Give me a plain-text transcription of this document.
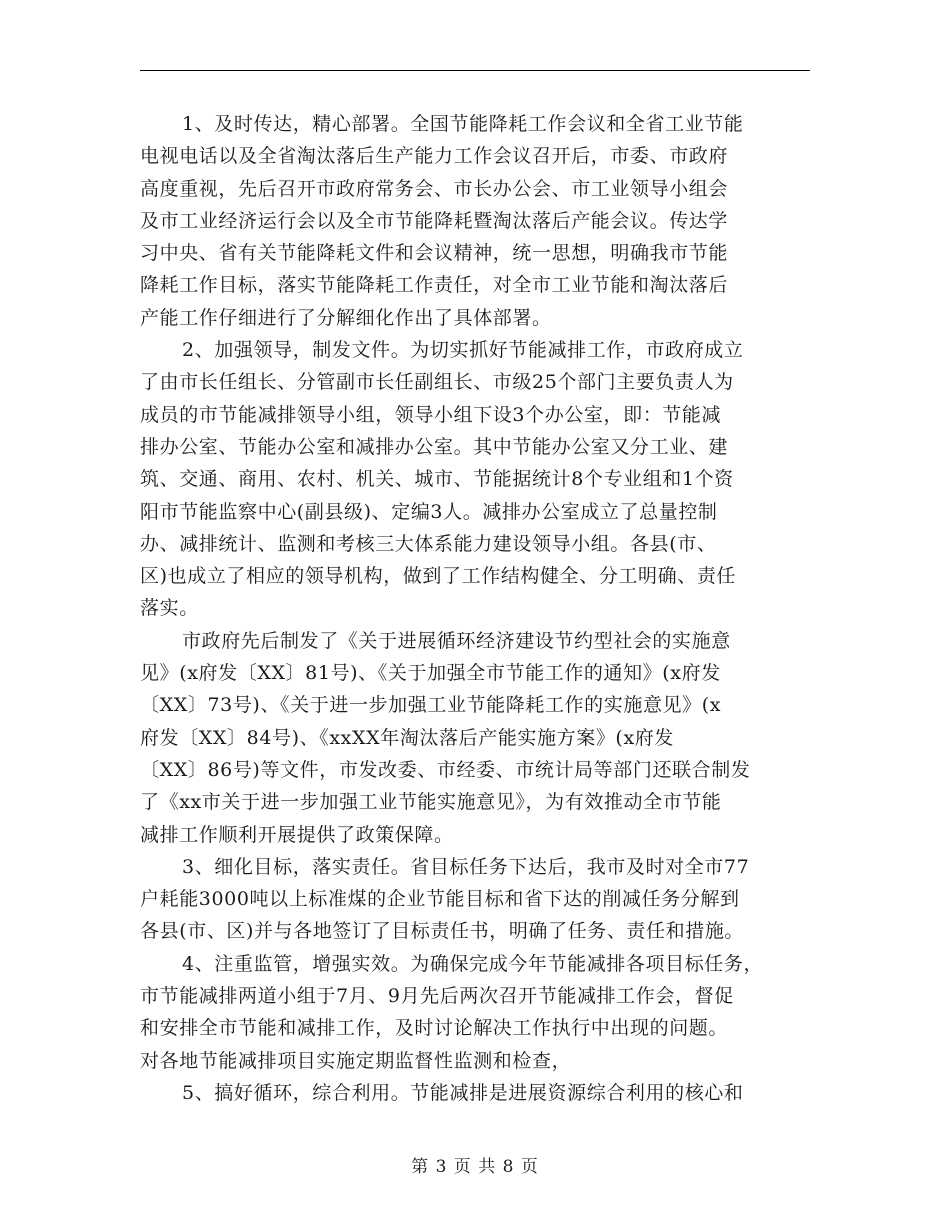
1、及时传达，精心部署。全国节能降耗工作会议和全省工业节能
电视电话以及全省淘汰落后生产能力工作会议召开后，市委、市政府
高度重视，先后召开市政府常务会、市长办公会、市工业领导小组会
及市工业经济运行会以及全市节能降耗暨淘汰落后产能会议。传达学
习中央、省有关节能降耗文件和会议精神，统一思想，明确我市节能
降耗工作目标，落实节能降耗工作责任，对全市工业节能和淘汰落后
产能工作仔细进行了分解细化作出了具体部署。
2、加强领导，制发文件。为切实抓好节能减排工作，市政府成立
了由市长任组长、分管副市长任副组长、市级25个部门主要负责人为
成员的市节能减排领导小组，领导小组下设3个办公室，即：节能减
排办公室、节能办公室和减排办公室。其中节能办公室又分工业、建
筑、交通、商用、农村、机关、城市、节能据统计8个专业组和1个资
阳市节能监察中心(副县级)、定编3人。减排办公室成立了总量控制
办、减排统计、监测和考核三大体系能力建设领导小组。各县(市、
区)也成立了相应的领导机构，做到了工作结构健全、分工明确、责任
落实。
市政府先后制发了《关于进展循环经济建设节约型社会的实施意
见》(x府发〔XX〕81号)、《关于加强全市节能工作的通知》(x府发
〔XX〕73号)、《关于进一步加强工业节能降耗工作的实施意见》(x
府发〔XX〕84号)、《xxXX年淘汰落后产能实施方案》(x府发
〔XX〕86号)等文件，市发改委、市经委、市统计局等部门还联合制发
了《xx市关于进一步加强工业节能实施意见》，为有效推动全市节能
减排工作顺利开展提供了政策保障。
3、细化目标，落实责任。省目标任务下达后，我市及时对全市77
户耗能3000吨以上标准煤的企业节能目标和省下达的削减任务分解到
各县(市、区)并与各地签订了目标责任书，明确了任务、责任和措施。
4、注重监管，增强实效。为确保完成今年节能减排各项目标任务，
市节能减排两道小组于7月、9月先后两次召开节能减排工作会，督促
和安排全市节能和减排工作，及时讨论解决工作执行中出现的问题。
对各地节能减排项目实施定期监督性监测和检查，
5、搞好循环，综合利用。节能减排是进展资源综合利用的核心和
第 3 页 共 8 页
